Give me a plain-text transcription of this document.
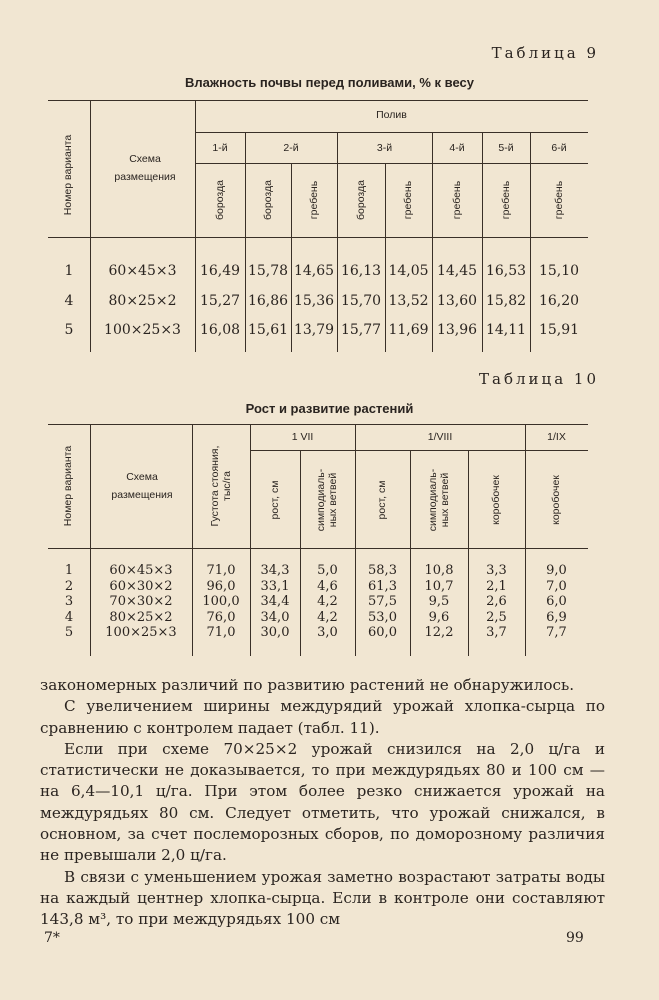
Таблица 9
Влажность почвы перед поливами, % к весу
Номер варианта	Схема размещения
Полив
1-й	2-й	3-й	4-й	5-й	6-й
борозда	борозда	гребень	борозда	гребень	гребень	гребень	гребень
1	60×45×3	16,49 15,78 14,65 16,13 14,05 14,45 16,53 15,10
4	80×25×2	15,27 16,86 15,36 15,70 13,52 13,60 15,82 16,20
5	100×25×3	16,08 15,61 13,79 15,77 11,69 13,96 14,11 15,91
Таблица 10
Рост и развитие растений
Номер варианта	Схема размещения	Густота стояния, тыс/га
1 VII	1/VIII	1/IX
рост, см	симподиаль-ных ветвей	рост, см	симподиаль-ных ветвей	коробочек	коробочек
1	60×45×3	71,0	34,3	5,0	58,3	10,8	3,3	9,0
2	60×30×2	96,0	33,1	4,6	61,3	10,7	2,1	7,0
3	70×30×2	100,0	34,4	4,2	57,5	9,5	2,6	6,0
4	80×25×2	76,0	34,0	4,2	53,0	9,6	2,5	6,9
5	100×25×3	71,0	30,0	3,0	60,0	12,2	3,7	7,7

закономерных различий по развитию растений не обнаружилось.

С увеличением ширины междурядий урожай хлопка-сырца по сравнению с контролем падает (табл. 11).

Если при схеме 70×25×2 урожай снизился на 2,0 ц/га и статистически не доказывается, то при междурядьях 80 и 100 см — на 6,4—10,1 ц/га. При этом более резко снижается урожай на междурядьях 80 см. Следует отметить, что урожай снижался, в основном, за счет послеморозных сборов, по доморозному различия не превышали 2,0 ц/га.

В связи с уменьшением урожая заметно возрастают затраты воды на каждый центнер хлопка-сырца. Если в контроле они составляют 143,8 м³, то при междурядьях 100 см

7*	99
